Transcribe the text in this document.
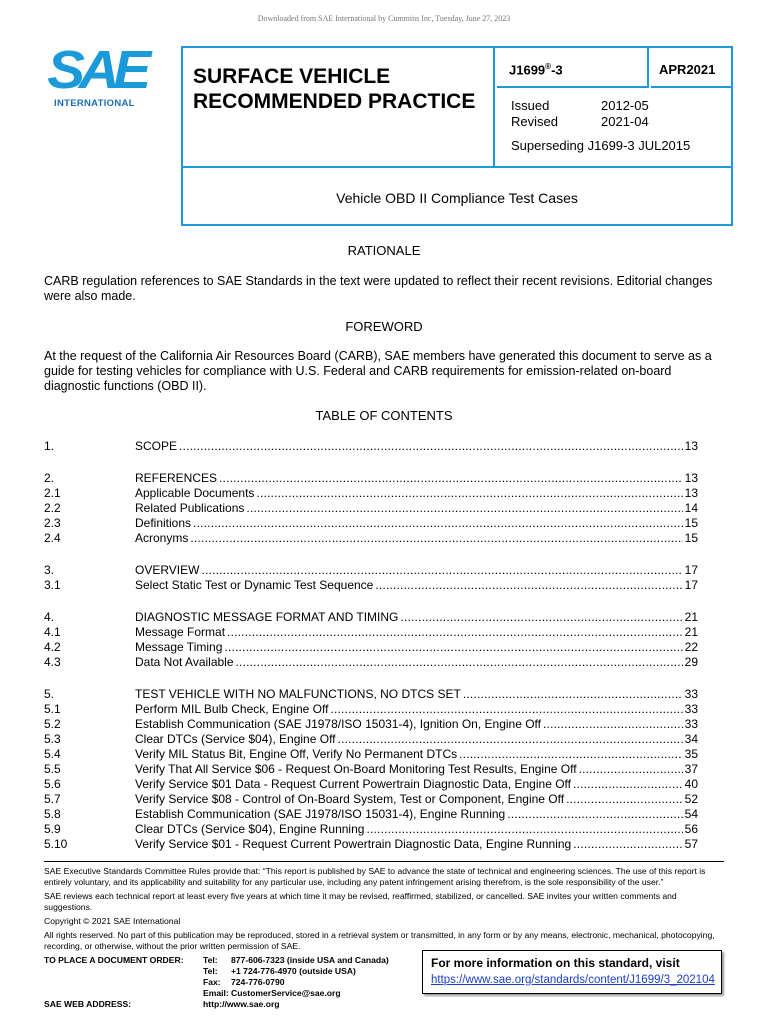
Downloaded from SAE International by Cummins Inc, Tuesday, June 27, 2023
SAE
INTERNATIONAL
SURFACE VEHICLE
RECOMMENDED PRACTICE
J1699®-3	APR2021
Issued	2012-05
Revised	2021-04
Superseding J1699-3 JUL2015
Vehicle OBD II Compliance Test Cases
RATIONALE
CARB regulation references to SAE Standards in the text were updated to reflect their recent revisions. Editorial changes were also made.
FOREWORD
At the request of the California Air Resources Board (CARB), SAE members have generated this document to serve as a guide for testing vehicles for compliance with U.S. Federal and CARB requirements for emission-related on-board diagnostic functions (OBD II).
TABLE OF CONTENTS
1.	SCOPE .....	13
2.	REFERENCES .....	13
2.1	Applicable Documents .....	13
2.2	Related Publications .....	14
2.3	Definitions .....	15
2.4	Acronyms .....	15
3.	OVERVIEW .....	17
3.1	Select Static Test or Dynamic Test Sequence .....	17
4.	DIAGNOSTIC MESSAGE FORMAT AND TIMING .....	21
4.1	Message Format .....	21
4.2	Message Timing .....	22
4.3	Data Not Available .....	29
5.	TEST VEHICLE WITH NO MALFUNCTIONS, NO DTCS SET .....	33
5.1	Perform MIL Bulb Check, Engine Off .....	33
5.2	Establish Communication (SAE J1978/ISO 15031-4), Ignition On, Engine Off .....	33
5.3	Clear DTCs (Service $04), Engine Off .....	34
5.4	Verify MIL Status Bit, Engine Off, Verify No Permanent DTCs .....	35
5.5	Verify That All Service $06 - Request On-Board Monitoring Test Results, Engine Off .....	37
5.6	Verify Service $01 Data - Request Current Powertrain Diagnostic Data, Engine Off .....	40
5.7	Verify Service $08 - Control of On-Board System, Test or Component, Engine Off .....	52
5.8	Establish Communication (SAE J1978/ISO 15031-4), Engine Running .....	54
5.9	Clear DTCs (Service $04), Engine Running .....	56
5.10	Verify Service $01 - Request Current Powertrain Diagnostic Data, Engine Running .....	57
SAE Executive Standards Committee Rules provide that: “This report is published by SAE to advance the state of technical and engineering sciences. The use of this report is entirely voluntary, and its applicability and suitability for any particular use, including any patent infringement arising therefrom, is the sole responsibility of the user.”
SAE reviews each technical report at least every five years at which time it may be revised, reaffirmed, stabilized, or cancelled. SAE invites your written comments and suggestions.
Copyright © 2021 SAE International
All rights reserved. No part of this publication may be reproduced, stored in a retrieval system or transmitted, in any form or by any means, electronic, mechanical, photocopying, recording, or otherwise, without the prior written permission of SAE.
TO PLACE A DOCUMENT ORDER:
SAE WEB ADDRESS:
Tel: 877-606-7323 (inside USA and Canada)
Tel: +1 724-776-4970 (outside USA)
Fax: 724-776-0790
Email: CustomerService@sae.org
http://www.sae.org
For more information on this standard, visit
https://www.sae.org/standards/content/J1699/3_202104
